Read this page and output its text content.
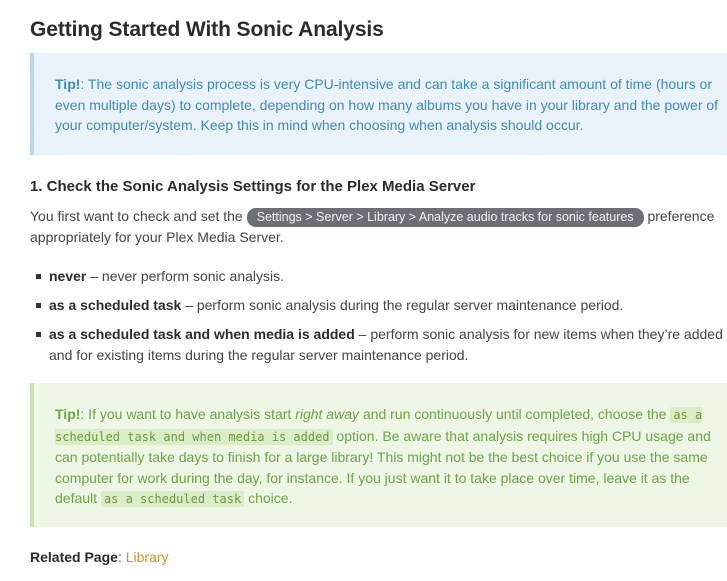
Getting Started With Sonic Analysis
Tip!: The sonic analysis process is very CPU-intensive and can take a significant amount of time (hours or even multiple days) to complete, depending on how many albums you have in your library and the power of your computer/system. Keep this in mind when choosing when analysis should occur.
1. Check the Sonic Analysis Settings for the Plex Media Server
You first want to check and set the Settings > Server > Library > Analyze audio tracks for sonic features preference appropriately for your Plex Media Server.
never – never perform sonic analysis.
as a scheduled task – perform sonic analysis during the regular server maintenance period.
as a scheduled task and when media is added – perform sonic analysis for new items when they’re added and for existing items during the regular server maintenance period.
Tip!: If you want to have analysis start right away and run continuously until completed, choose the as a scheduled task and when media is added option. Be aware that analysis requires high CPU usage and can potentially take days to finish for a large library! This might not be the best choice if you use the same computer for work during the day, for instance. If you just want it to take place over time, leave it as the default as a scheduled task choice.
Related Page: Library
